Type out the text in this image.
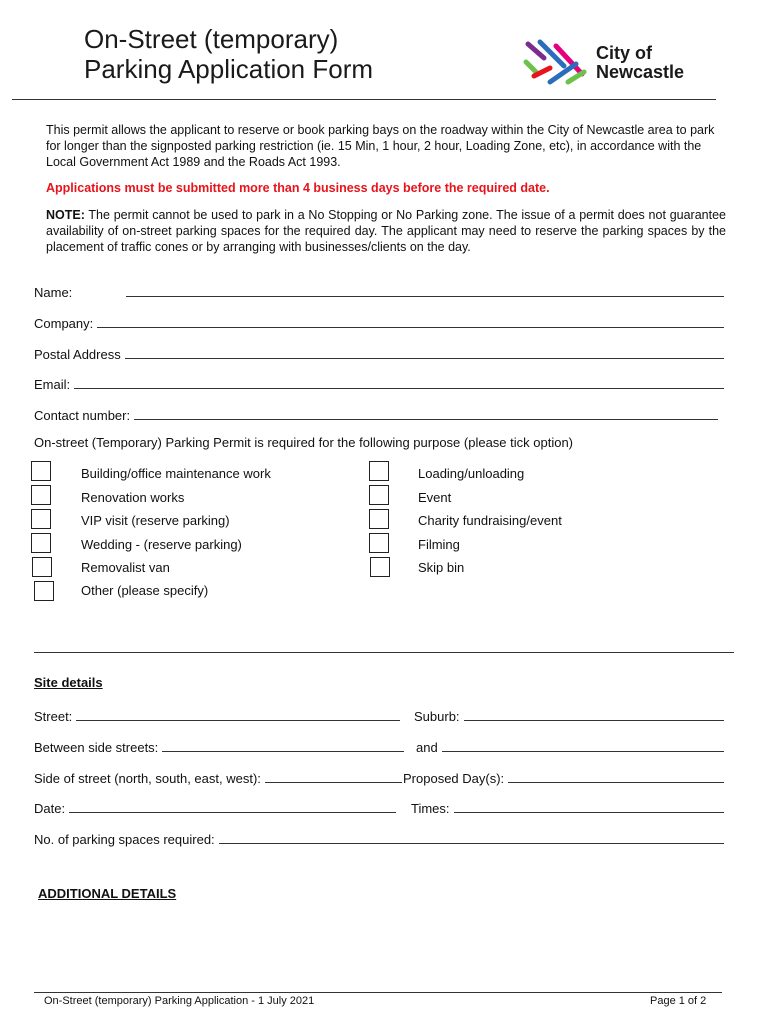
On-Street (temporary)
Parking Application Form
City of
Newcastle
This permit allows the applicant to reserve or book parking bays on the roadway within the City of Newcastle area to park for longer than the signposted parking restriction (ie. 15 Min, 1 hour, 2 hour, Loading Zone, etc), in accordance with the Local Government Act 1989 and the Roads Act 1993.
Applications must be submitted more than 4 business days before the required date.
NOTE: The permit cannot be used to park in a No Stopping or No Parking zone. The issue of a permit does not guarantee availability of on-street parking spaces for the required day. The applicant may need to reserve the parking spaces by the placement of traffic cones or by arranging with businesses/clients on the day.
Name:
Company:
Postal Address
Email:
Contact number:
On-street (Temporary) Parking Permit is required for the following purpose (please tick option)
Building/office maintenance work
Renovation works
VIP visit (reserve parking)
Wedding - (reserve parking)
Removalist van
Other (please specify)
Loading/unloading
Event
Charity fundraising/event
Filming
Skip bin
Site details
Street:	Suburb:
Between side streets:	and
Side of street (north, south, east, west):	Proposed Day(s):
Date:	Times:
No. of parking spaces required:
ADDITIONAL DETAILS
On-Street (temporary) Parking Application - 1 July 2021	Page 1 of 2
